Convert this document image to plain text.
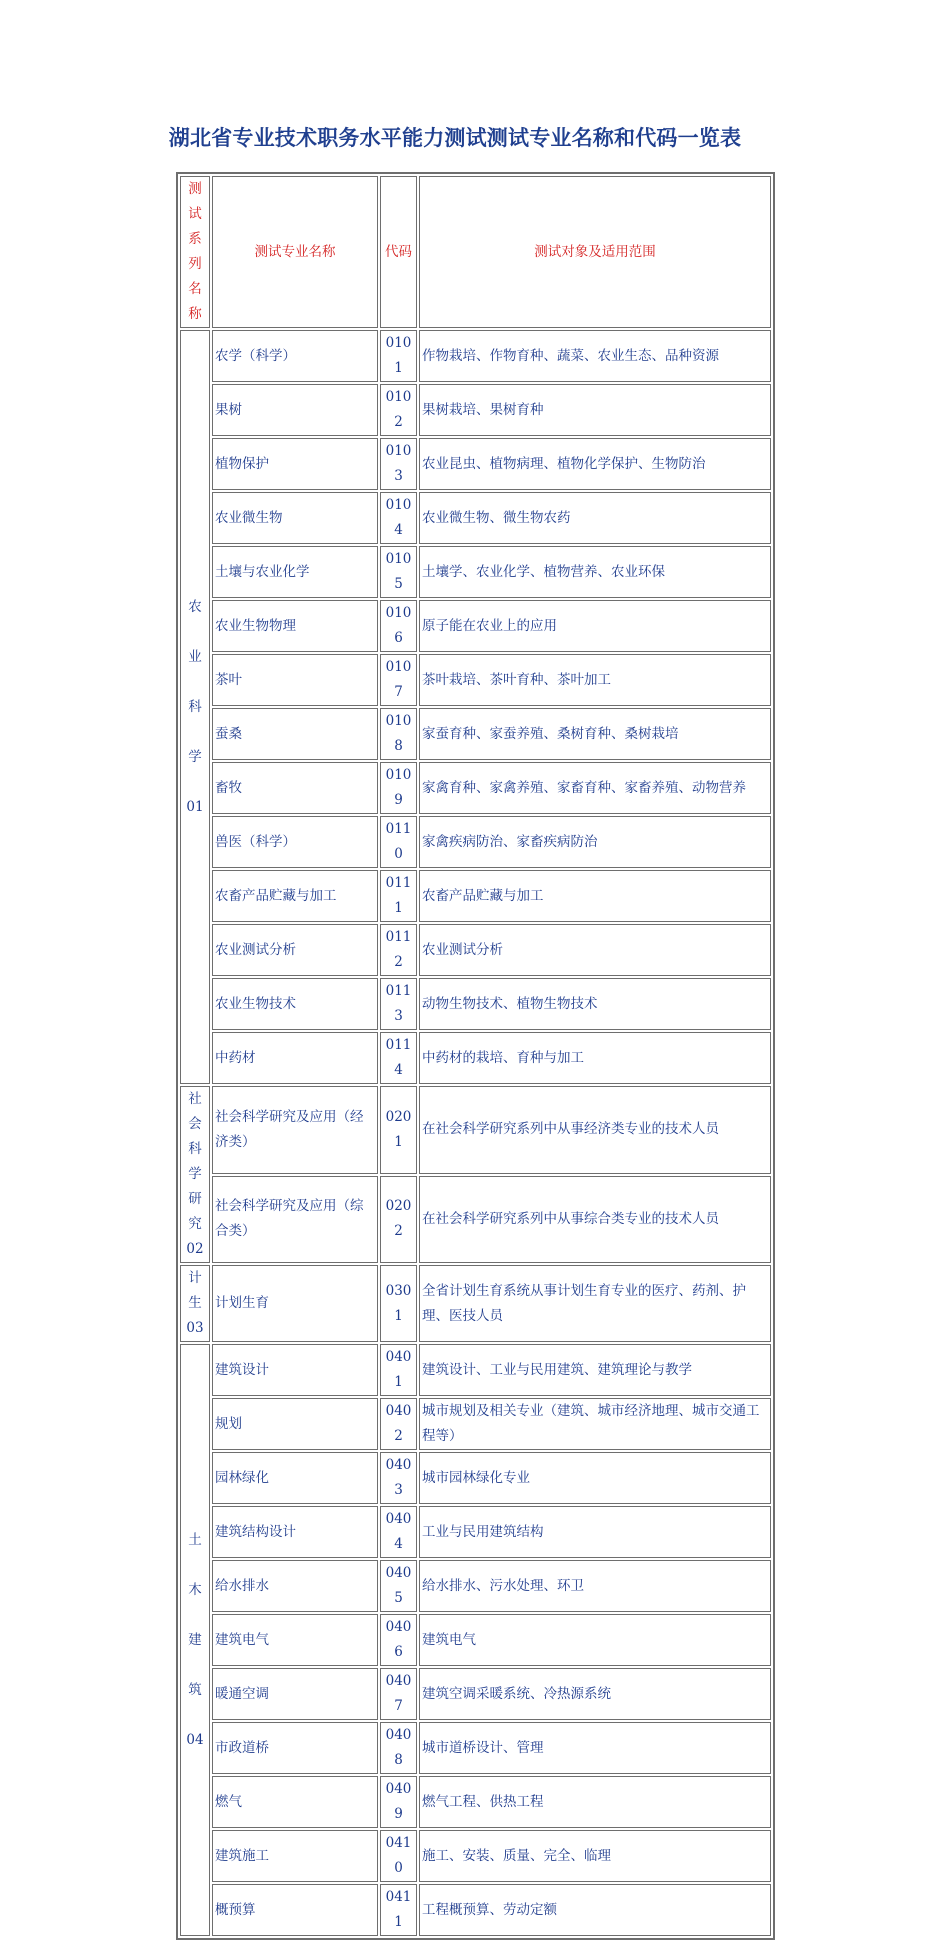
湖北省专业技术职务水平能力测试测试专业名称和代码一览表
测试
系列
名称	测试专业名称	代码	测试对象及适用范围

农
业
科
学
01	农学（科学）	0101	作物栽培、作物育种、蔬菜、农业生态、品种资源
	果树	0102	果树栽培、果树育种
	植物保护	0103	农业昆虫、植物病理、植物化学保护、生物防治
	农业微生物	0104	农业微生物、微生物农药
	土壤与农业化学	0105	土壤学、农业化学、植物营养、农业环保
	农业生物物理	0106	原子能在农业上的应用
	茶叶	0107	茶叶栽培、茶叶育种、茶叶加工
	蚕桑	0108	家蚕育种、家蚕养殖、桑树育种、桑树栽培
	畜牧	0109	家禽育种、家禽养殖、家畜育种、家畜养殖、动物营养
	兽医（科学）	0110	家禽疾病防治、家畜疾病防治
	农畜产品贮藏与加工	0111	农畜产品贮藏与加工
	农业测试分析	0112	农业测试分析
	农业生物技术	0113	动物生物技术、植物生物技术
	中药材	0114	中药材的栽培、育种与加工

社会
科学
研究
02	社会科学研究及应用（经济类）	0201	在社会科学研究系列中从事经济类专业的技术人员
	社会科学研究及应用（综合类）	0202	在社会科学研究系列中从事综合类专业的技术人员

计生
03	计划生育	0301	全省计划生育系统从事计划生育专业的医疗、药剂、护理、医技人员

土
木
建
筑
04	建筑设计	0401	建筑设计、工业与民用建筑、建筑理论与教学
	规划	0402	城市规划及相关专业（建筑、城市经济地理、城市交通工程等）
	园林绿化	0403	城市园林绿化专业
	建筑结构设计	0404	工业与民用建筑结构
	给水排水	0405	给水排水、污水处理、环卫
	建筑电气	0406	建筑电气
	暖通空调	0407	建筑空调采暖系统、冷热源系统
	市政道桥	0408	城市道桥设计、管理
	燃气	0409	燃气工程、供热工程
	建筑施工	0410	施工、安装、质量、完全、临理
	概预算	0411	工程概预算、劳动定额
